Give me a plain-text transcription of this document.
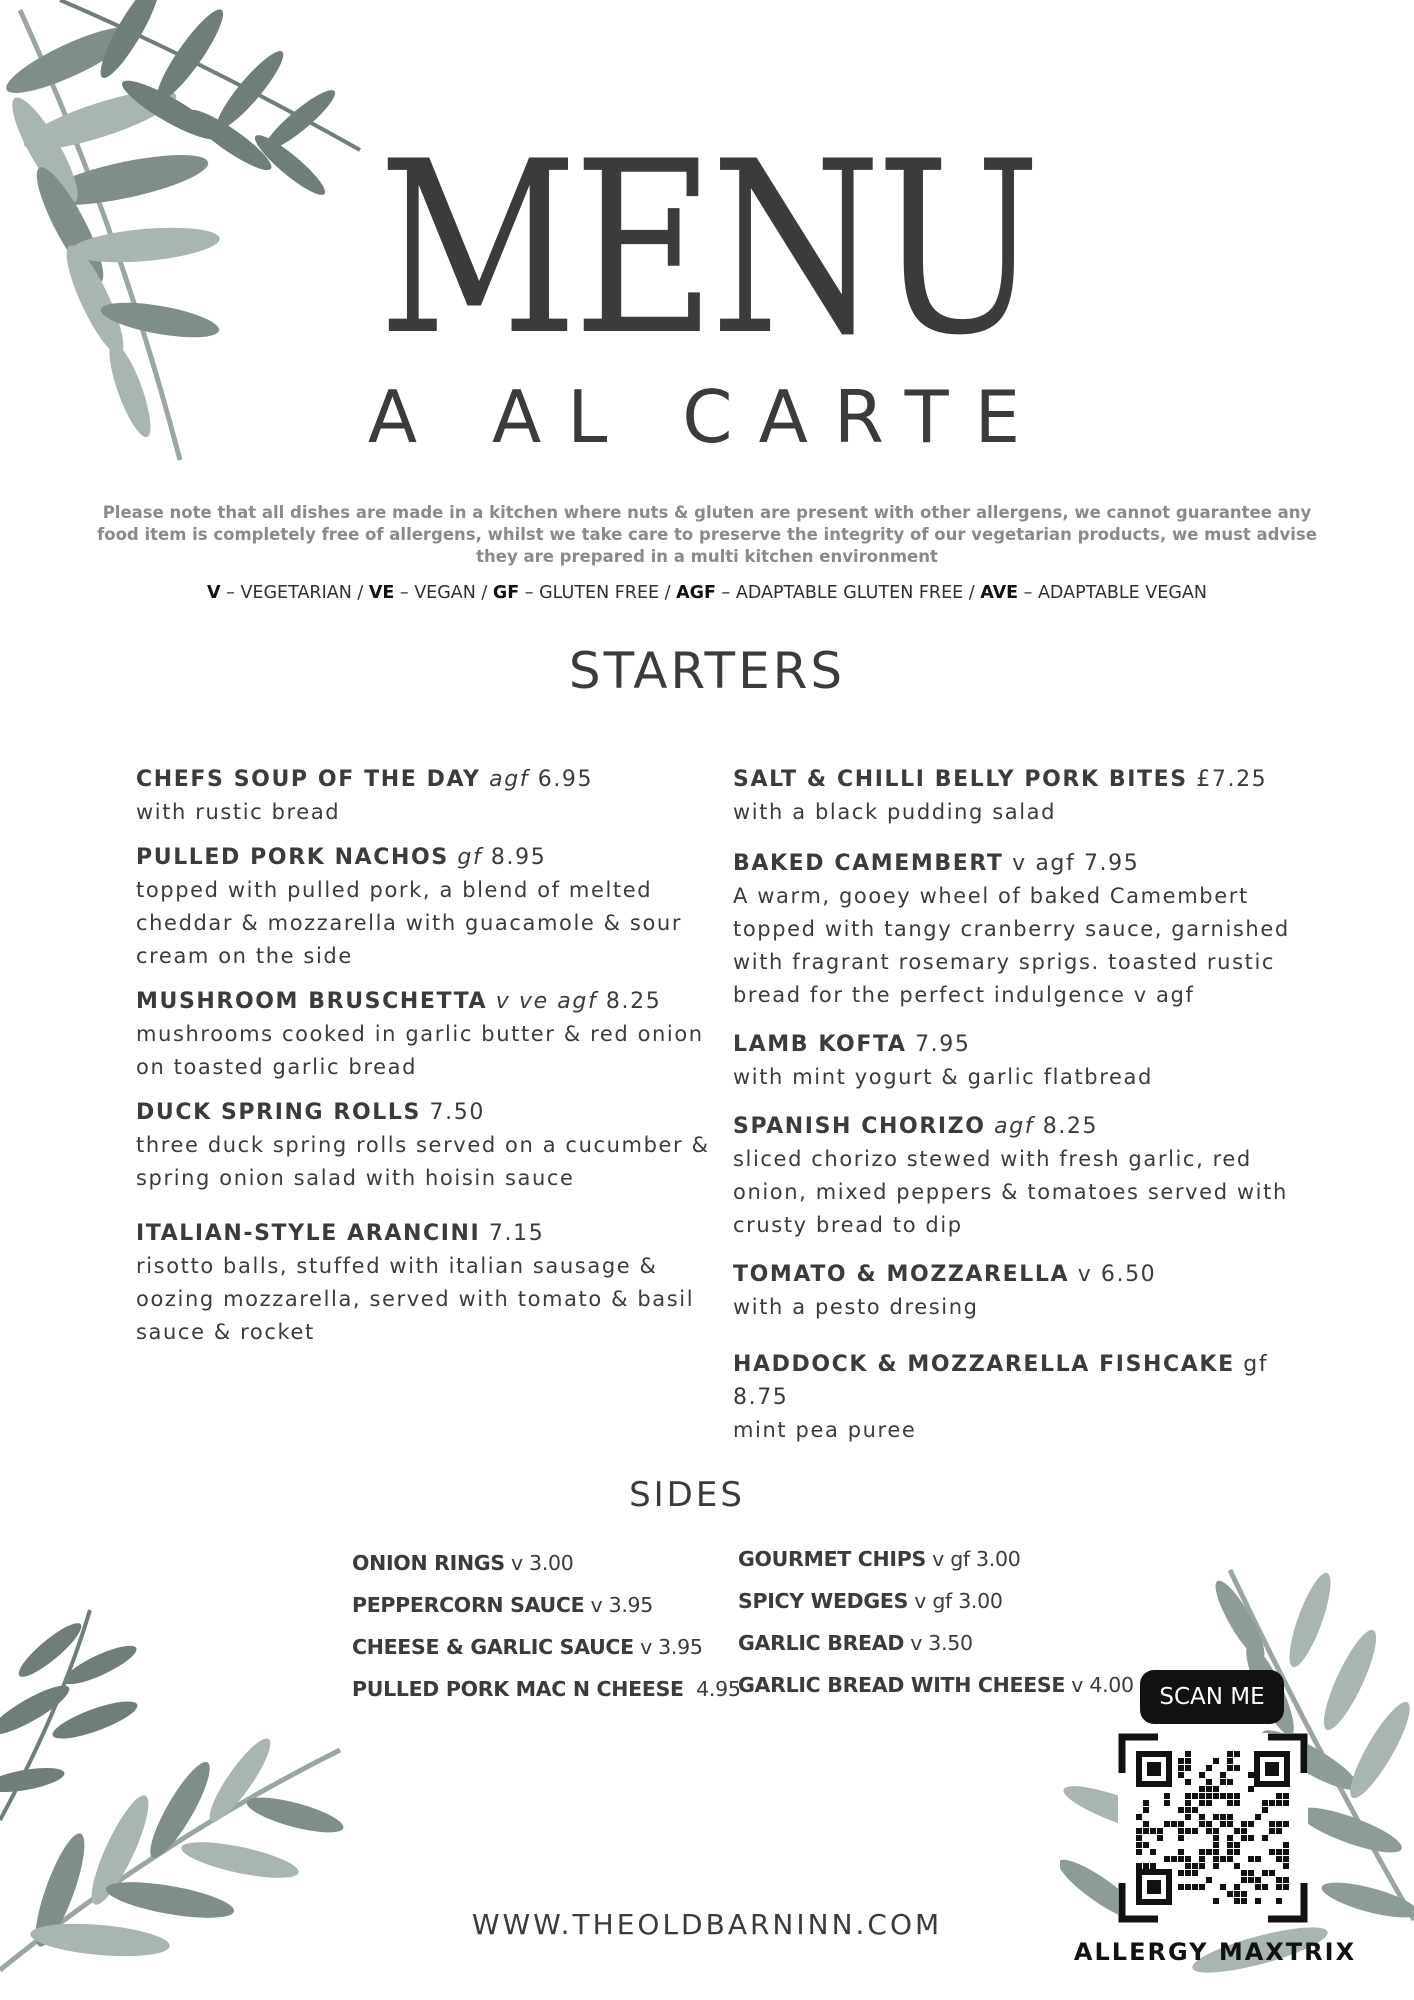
MENU
A AL CARTE
Please note that all dishes are made in a kitchen where nuts & gluten are present with other allergens, we cannot guarantee any food item is completely free of allergens, whilst we take care to preserve the integrity of our vegetarian products, we must advise they are prepared in a multi kitchen environment
V – VEGETARIAN / VE – VEGAN / GF – GLUTEN FREE / AGF – ADAPTABLE GLUTEN FREE / AVE – ADAPTABLE VEGAN
STARTERS
CHEFS SOUP OF THE DAY agf 6.95
with rustic bread
PULLED PORK NACHOS gf 8.95
topped with pulled pork, a blend of melted cheddar & mozzarella with guacamole & sour cream on the side
MUSHROOM BRUSCHETTA v ve agf 8.25
mushrooms cooked in garlic butter & red onion on toasted garlic bread
DUCK SPRING ROLLS 7.50
three duck spring rolls served on a cucumber & spring onion salad with hoisin sauce
ITALIAN-STYLE ARANCINI 7.15
risotto balls, stuffed with italian sausage & oozing mozzarella, served with tomato & basil sauce & rocket
SALT & CHILLI BELLY PORK BITES £7.25
with a black pudding salad
BAKED CAMEMBERT v agf 7.95
A warm, gooey wheel of baked Camembert topped with tangy cranberry sauce, garnished with fragrant rosemary sprigs. toasted rustic bread for the perfect indulgence v agf
LAMB KOFTA 7.95
with mint yogurt & garlic flatbread
SPANISH CHORIZO agf 8.25
sliced chorizo stewed with fresh garlic, red onion, mixed peppers & tomatoes served with crusty bread to dip
TOMATO & MOZZARELLA v 6.50
with a pesto dresing
HADDOCK & MOZZARELLA FISHCAKE gf 8.75
mint pea puree
SIDES
ONION RINGS v 3.00
PEPPERCORN SAUCE v 3.95
CHEESE & GARLIC SAUCE v 3.95
PULLED PORK MAC N CHEESE  4.95
GOURMET CHIPS v gf 3.00
SPICY WEDGES v gf 3.00
GARLIC BREAD v 3.50
GARLIC BREAD WITH CHEESE v 4.00
WWW.THEOLDBARNINN.COM
SCAN ME
ALLERGY MAXTRIX
